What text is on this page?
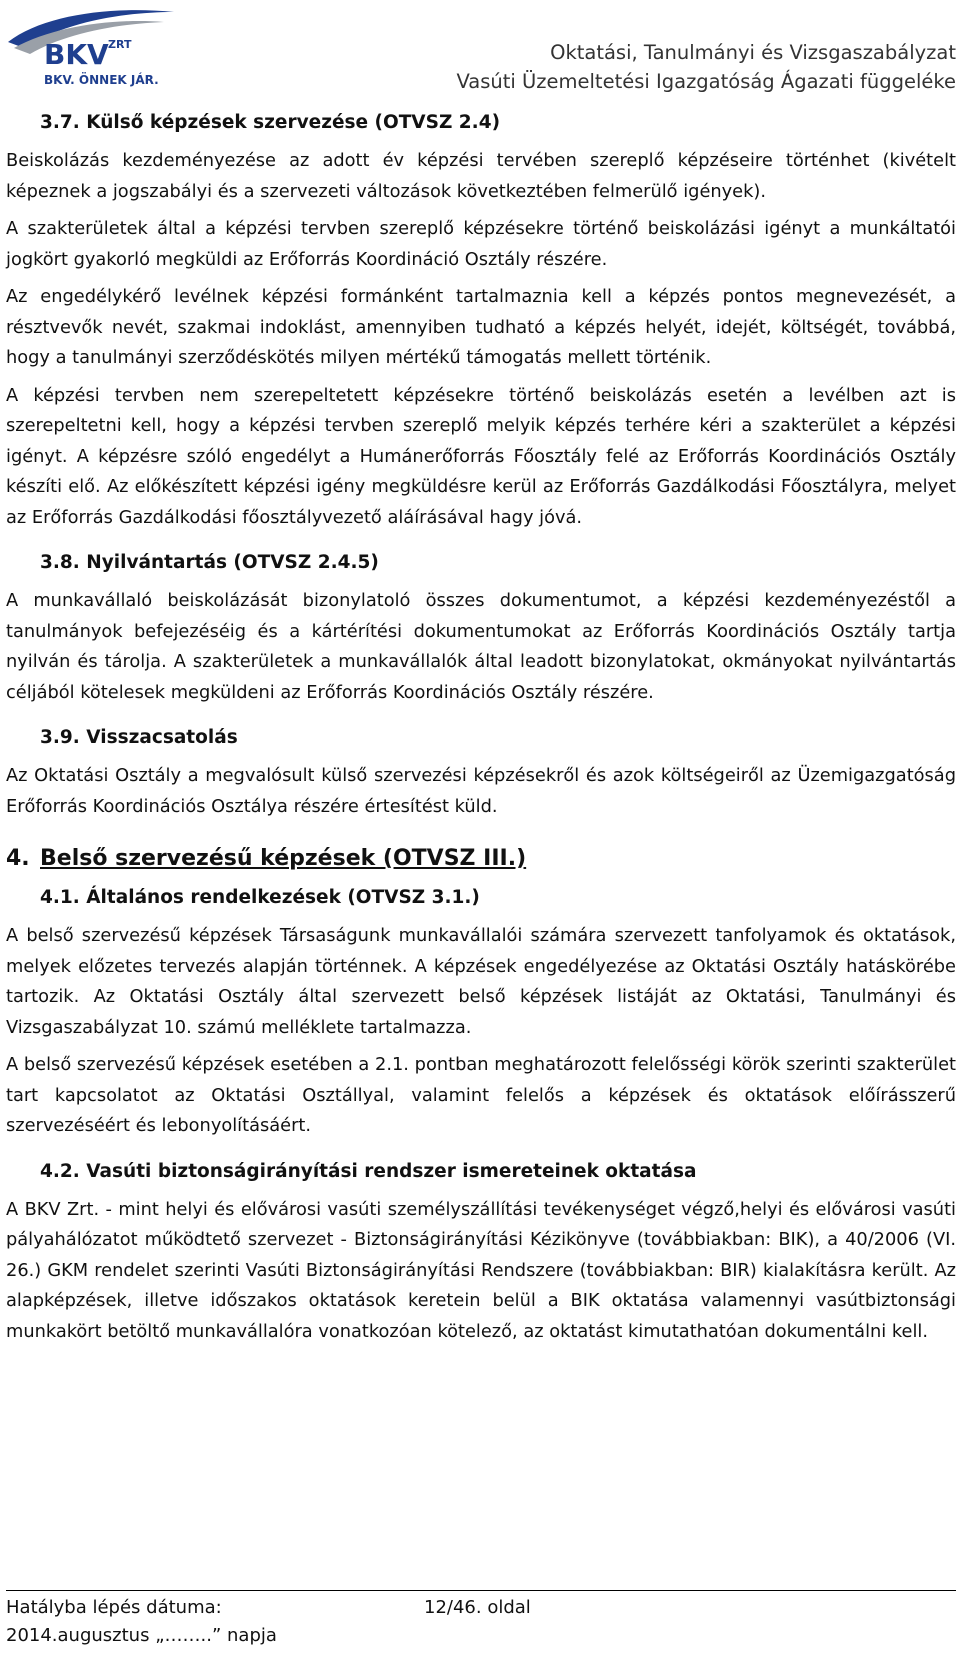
BKV ZRT
BKV. ÖNNEK JÁR.
Oktatási, Tanulmányi és Vizsgaszabályzat
Vasúti Üzemeltetési Igazgatóság Ágazati függeléke
3.7. Külső képzések szervezése (OTVSZ 2.4)
Beiskolázás kezdeményezése az adott év képzési tervében szereplő képzéseire történhet (kivételt képeznek a jogszabályi és a szervezeti változások következtében felmerülő igények).
A szakterületek által a képzési tervben szereplő képzésekre történő beiskolázási igényt a munkáltatói jogkört gyakorló megküldi az Erőforrás Koordináció Osztály részére.
Az engedélykérő levélnek képzési formánként tartalmaznia kell a képzés pontos megnevezését, a résztvevők nevét, szakmai indoklást, amennyiben tudható a képzés helyét, idejét, költségét, továbbá, hogy a tanulmányi szerződéskötés milyen mértékű támogatás mellett történik.
A képzési tervben nem szerepeltetett képzésekre történő beiskolázás esetén a levélben azt is szerepeltetni kell, hogy a képzési tervben szereplő melyik képzés terhére kéri a szakterület a képzési igényt. A képzésre szóló engedélyt a Humánerőforrás Főosztály felé az Erőforrás Koordinációs Osztály készíti elő. Az előkészített képzési igény megküldésre kerül az Erőforrás Gazdálkodási Főosztályra, melyet az Erőforrás Gazdálkodási főosztályvezető aláírásával hagy jóvá.
3.8. Nyilvántartás (OTVSZ 2.4.5)
A munkavállaló beiskolázását bizonylatoló összes dokumentumot, a képzési kezdeményezéstől a tanulmányok befejezéséig és a kártérítési dokumentumokat az Erőforrás Koordinációs Osztály tartja nyilván és tárolja. A szakterületek a munkavállalók által leadott bizonylatokat, okmányokat nyilvántartás céljából kötelesek megküldeni az Erőforrás Koordinációs Osztály részére.
3.9. Visszacsatolás
Az Oktatási Osztály a megvalósult külső szervezési képzésekről és azok költségeiről az Üzemigazgatóság Erőforrás Koordinációs Osztálya részére értesítést küld.
4. Belső szervezésű képzések (OTVSZ III.)
4.1. Általános rendelkezések (OTVSZ 3.1.)
A belső szervezésű képzések Társaságunk munkavállalói számára szervezett tanfolyamok és oktatások, melyek előzetes tervezés alapján történnek. A képzések engedélyezése az Oktatási Osztály hatáskörébe tartozik. Az Oktatási Osztály által szervezett belső képzések listáját az Oktatási, Tanulmányi és Vizsgaszabályzat 10. számú melléklete tartalmazza.
A belső szervezésű képzések esetében a 2.1. pontban meghatározott felelősségi körök szerinti szakterület tart kapcsolatot az Oktatási Osztállyal, valamint felelős a képzések és oktatások előírásszerű szervezéséért és lebonyolításáért.
4.2. Vasúti biztonságirányítási rendszer ismereteinek oktatása
A BKV Zrt. - mint helyi és elővárosi vasúti személyszállítási tevékenységet végző,helyi és elővárosi vasúti pályahálózatot működtető szervezet - Biztonságirányítási Kézikönyve (továbbiakban: BIK), a 40/2006 (VI. 26.) GKM rendelet szerinti Vasúti Biztonságirányítási Rendszere (továbbiakban: BIR) kialakításra került. Az alapképzések, illetve időszakos oktatások keretein belül a BIK oktatása valamennyi vasútbiztonsági munkakört betöltő munkavállalóra vonatkozóan kötelező, az oktatást kimutathatóan dokumentálni kell.
Hatályba lépés dátuma:
2014.augusztus „……..” napja
12/46. oldal
